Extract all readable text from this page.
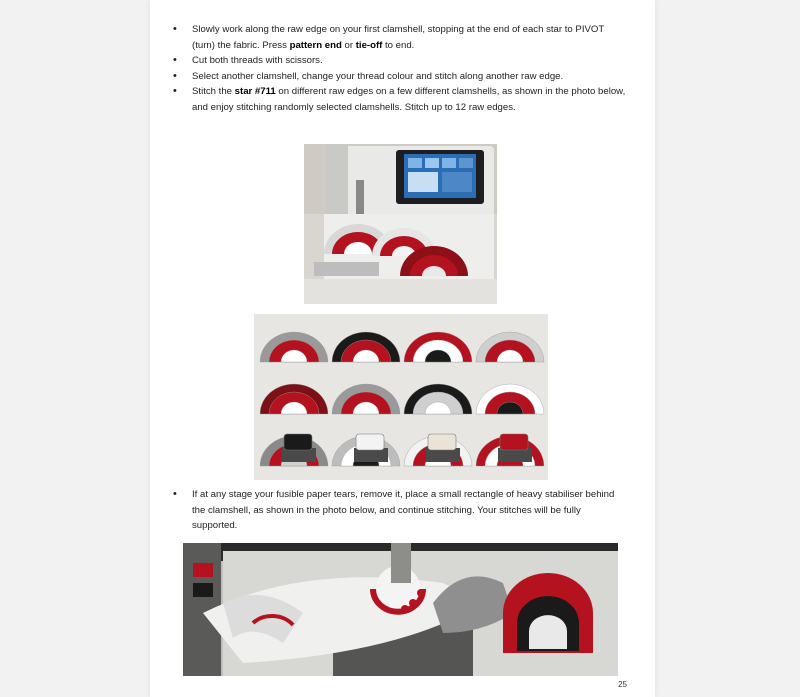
• Slowly work along the raw edge on your first clamshell, stopping at the end of each star to PIVOT (turn) the fabric. Press pattern end or tie-off to end.
• Cut both threads with scissors.
• Select another clamshell, change your thread colour and stitch along another raw edge.
• Stitch the star #711 on different raw edges on a few different clamshells, as shown in the photo below, and enjoy stitching randomly selected clamshells. Stitch up to 12 raw edges.
• If at any stage your fusible paper tears, remove it, place a small rectangle of heavy stabiliser behind the clamshell, as shown in the photo below, and continue stitching. Your stitches will be fully supported.
25
